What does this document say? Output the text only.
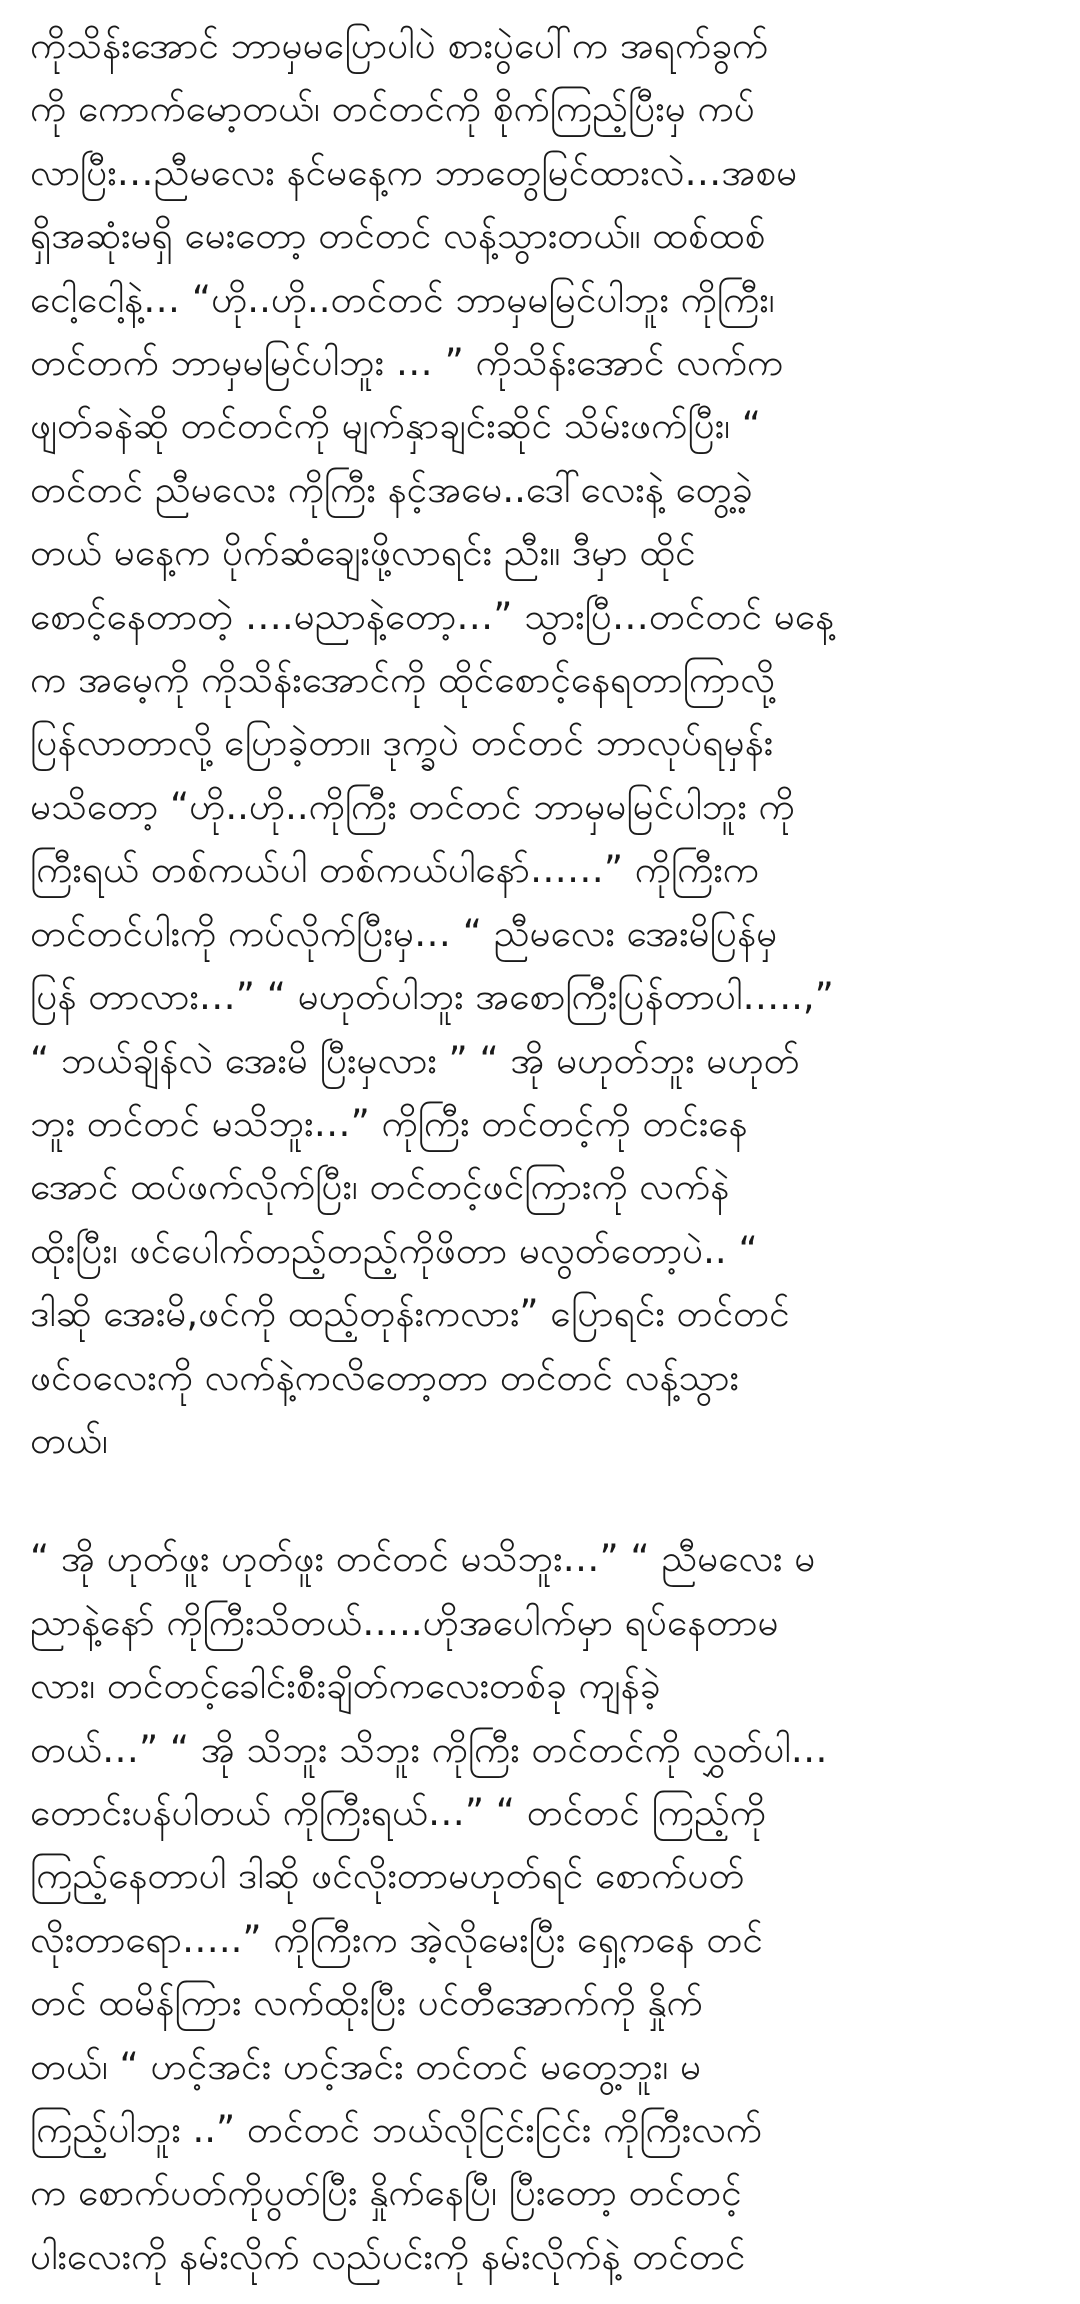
ကိုသိန်းအောင် ဘာမှမပြောပါပဲ စားပွဲပေါ်က အရက်ခွက်
ကို ကောက်မော့တယ်၊ တင်တင်ကို စိုက်ကြည့်ပြီးမှ ကပ်
လာပြီး…ညီမလေး နင်မနေ့က ဘာတွေမြင်ထားလဲ…အစမ
ရှိအဆုံးမရှိ မေးတော့ တင်တင် လန့်သွားတယ်။ ထစ်ထစ်
ငေါ့ငေါ့နဲ့… “ဟို..ဟို..တင်တင် ဘာမှမမြင်ပါဘူး ကိုကြီး၊
တင်တက် ဘာမှမမြင်ပါဘူး … ” ကိုသိန်းအောင် လက်က
ဖျတ်ခနဲဆို တင်တင်ကို မျက်နှာချင်းဆိုင် သိမ်းဖက်ပြီး၊ “
တင်တင် ညီမလေး ကိုကြီး နင့်အမေ..ဒေါ်လေးနဲ့ တွေ့ခဲ့
တယ် မနေ့က ပိုက်ဆံချေးဖို့လာရင်း ညီး။ ဒီမှာ ထိုင်
စောင့်နေတာတဲ့ ….မညာနဲ့တော့…” သွားပြီ…တင်တင် မနေ့
က အမေ့ကို ကိုသိန်းအောင်ကို ထိုင်စောင့်နေရတာကြာလို့
ပြန်လာတာလို့ ပြောခဲ့တာ။ ဒုက္ခပဲ တင်တင် ဘာလုပ်ရမှန်း
မသိတော့ “ဟို..ဟို..ကိုကြီး တင်တင် ဘာမှမမြင်ပါဘူး ကို
ကြီးရယ် တစ်ကယ်ပါ တစ်ကယ်ပါနော်……” ကိုကြီးက
တင်တင်ပါးကို ကပ်လိုက်ပြီးမှ… “ ညီမလေး အေးမိပြန်မှ
ပြန် တာလား…” “ မဟုတ်ပါဘူး အစောကြီးပြန်တာပါ…..,”
“ ဘယ်ချိန်လဲ အေးမိ ပြီးမှလား ” “ အို မဟုတ်ဘူး မဟုတ်
ဘူး တင်တင် မသိဘူး…” ကိုကြီး တင်တင့်ကို တင်းနေ
အောင် ထပ်ဖက်လိုက်ပြီး၊ တင်တင့်ဖင်ကြားကို လက်နဲ
ထိုးပြီး၊ ဖင်ပေါက်တည့်တည့်ကိုဖိတာ မလွတ်တော့ပဲ.. “
ဒါဆို အေးမိ,ဖင်ကို ထည့်တုန်းကလား” ပြောရင်း တင်တင်
ဖင်ဝလေးကို လက်နဲ့ကလိတော့တာ တင်တင် လန့်သွား
တယ်၊
“ အို ဟုတ်ဖူး ဟုတ်ဖူး တင်တင် မသိဘူး…” “ ညီမလေး မ
ညာနဲ့နော် ကိုကြီးသိတယ်…..ဟိုအပေါက်မှာ ရပ်နေတာမ
လား၊ တင်တင့်ခေါင်းစီးချိတ်ကလေးတစ်ခု ကျန်ခဲ့
တယ်…” “ အို သိဘူး သိဘူး ကိုကြီး တင်တင်ကို လွှတ်ပါ…
တောင်းပန်ပါတယ် ကိုကြီးရယ်…” “ တင်တင် ကြည့်ကို
ကြည့်နေတာပါ ဒါဆို ဖင်လိုးတာမဟုတ်ရင် စောက်ပတ်
လိုးတာရော…..” ကိုကြီးက အဲ့လိုမေးပြီး ရှေ့ကနေ တင်
တင် ထမိန်ကြား လက်ထိုးပြီး ပင်တီအောက်ကို နှိုက်
တယ်၊ “ ဟင့်အင်း ဟင့်အင်း တင်တင် မတွေ့ဘူး၊ မ
ကြည့်ပါဘူး ..” တင်တင် ဘယ်လိုငြင်းငြင်း ကိုကြီးလက်
က စောက်ပတ်ကိုပွတ်ပြီး နှိုက်နေပြီ၊ ပြီးတော့ တင်တင့်
ပါးလေးကို နမ်းလိုက် လည်ပင်းကို နမ်းလိုက်နဲ့ တင်တင်
